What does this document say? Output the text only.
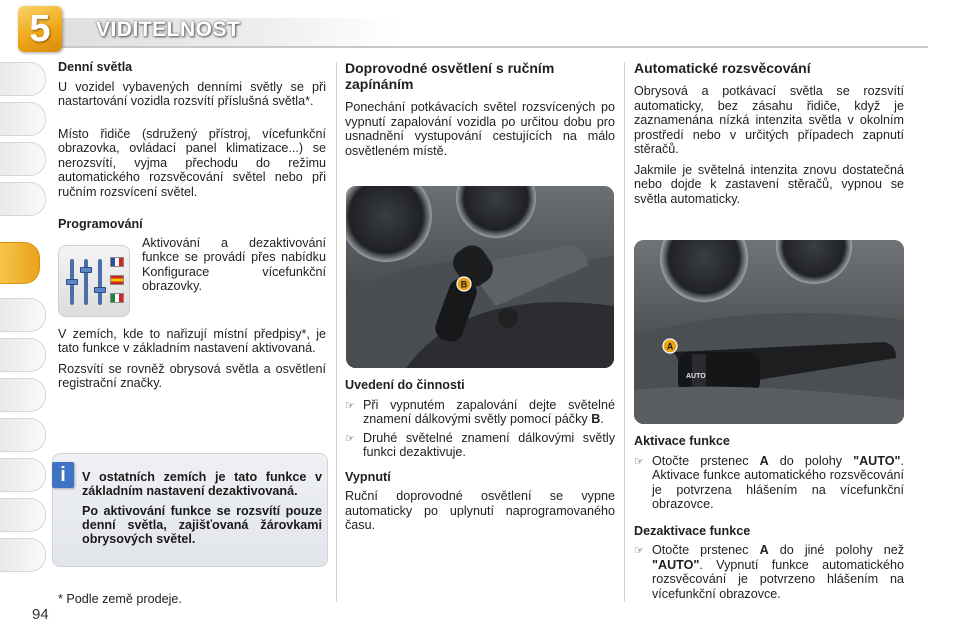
5 VIDITELNOST
Denní světla

U vozidel vybavených denními světly se při nastartování vozidla rozsvítí příslušná světla*.

Místo řidiče (sdružený přístroj, vícefunkční obrazovka, ovládací panel klimatizace...) se nerozsvítí, vyjma přechodu do režimu automatického rozsvěcování světel nebo při ručním rozsvícení světel.

Programování

Aktivování a dezaktivování funkce se provádí přes nabídku Konfigurace vícefunkční obrazovky.

V zemích, kde to nařizují místní předpisy*, je tato funkce v základním nastavení aktivovaná.

Rozsvítí se rovněž obrysová světla a osvětlení registrační značky.

i	V ostatních zemích je tato funkce v základním nastavení dezaktivovaná.

Po aktivování funkce se rozsvítí pouze denní světla, zajišťovaná žárovkami obrysových světel.

* Podle země prodeje.
94
Doprovodné osvětlení s ručním zapínáním

Ponechání potkávacích světel rozsvícených po vypnutí zapalování vozidla po určitou dobu pro usnadnění vystupování cestujících na málo osvětleném místě.

B
Uvedení do činnosti
☞ Při vypnutém zapalování dejte světelné znamení dálkovými světly pomocí páčky B.
☞ Druhé světelné znamení dálkovými světly funkci dezaktivuje.
Vypnutí

Ruční doprovodné osvětlení se vypne automaticky po uplynutí naprogramovaného času.

Automatické rozsvěcování

Obrysová a potkávací světla se rozsvítí automaticky, bez zásahu řidiče, když je zaznamenána nízká intenzita světla v okolním prostředí nebo v určitých případech zapnutí stěračů.

Jakmile je světelná intenzita znovu dostatečná nebo dojde k zastavení stěračů, vypnou se světla automaticky.

AUTO
A
Aktivace funkce
☞ Otočte prstenec A do polohy "AUTO". Aktivace funkce automatického rozsvěcování je potvrzena hlášením na vícefunkční obrazovce.
Dezaktivace funkce
☞ Otočte prstenec A do jiné polohy než "AUTO". Vypnutí funkce automatického rozsvěcování je potvrzeno hlášením na vícefunkční obrazovce.
